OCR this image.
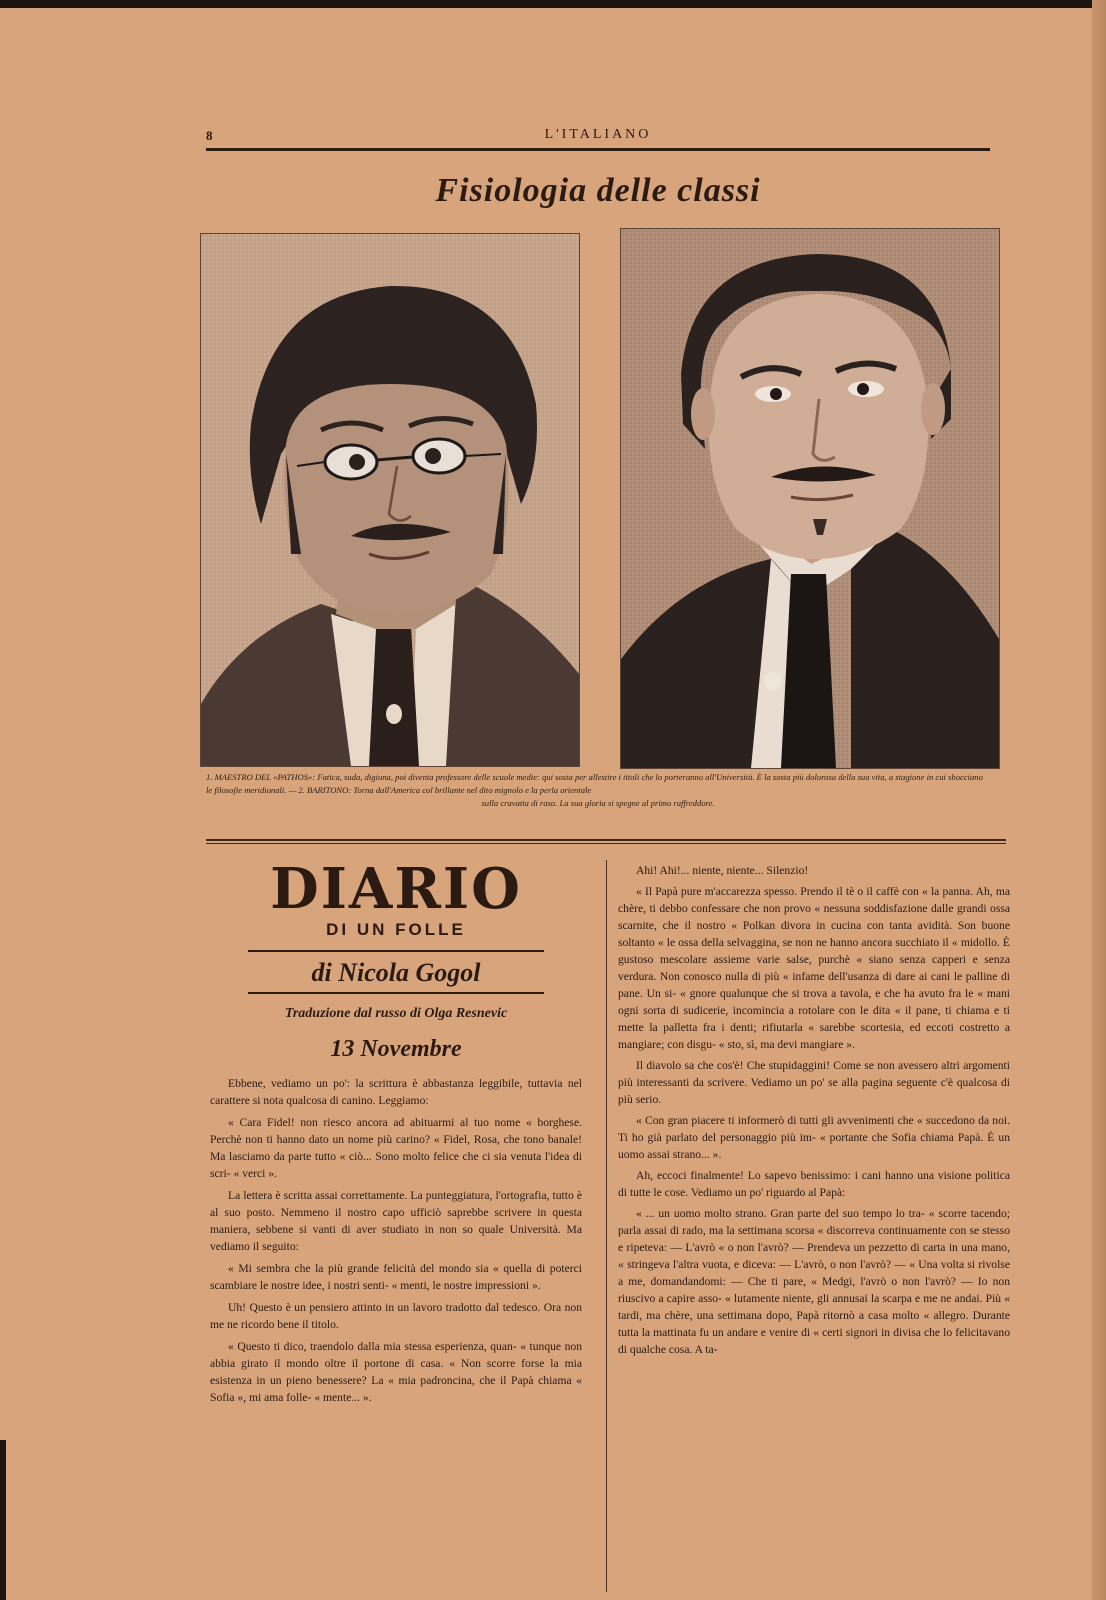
8	L'ITALIANO
Fisiologia delle classi
1. MAESTRO DEL «PATHOS»: Fatica, suda, digiuna, poi diventa professore delle scuole medie: qui sosta per allestire i titoli che lo porteranno all'Università. È la sosta più dolorosa della sua vita, a stagione in cui sbocciano le filosofie meridionali. — 2. BARITONO: Torna dall'America col brillante nel dito mignolo e la perla orientale
sulla cravatta di raso. La sua gloria si spegne al primo raffreddore.
DIARIO
DI UN FOLLE
di Nicola Gogol
Traduzione dal russo di Olga Resnevic
13 Novembre

Ebbene, vediamo un po': la scrittura è abbastanza leggibile, tuttavia nel carattere si nota qualcosa di canino. Leggiamo:

« Cara Fidel! non riesco ancora ad abituarmi al tuo nome « borghese. Perchè non ti hanno dato un nome più carino? « Fidel, Rosa, che tono banale! Ma lasciamo da parte tutto « ciò... Sono molto felice che ci sia venuta l'idea di scri- « verci ».

La lettera è scritta assai correttamente. La punteggiatura, l'ortografia, tutto è al suo posto. Nemmeno il nostro capo ufficiò saprebbe scrivere in questa maniera, sebbene si vanti di aver studiato in non so quale Università. Ma vediamo il seguito:

« Mi sembra che la più grande felicità del mondo sia « quella di poterci scambiare le nostre idee, i nostri senti- « menti, le nostre impressioni ».

Uh! Questo è un pensiero attinto in un lavoro tradotto dal tedesco. Ora non me ne ricordo bene il titolo.

« Questo ti dico, traendolo dalla mia stessa esperienza, quan- « tunque non abbia girato il mondo oltre il portone di casa. « Non scorre forse la mia esistenza in un pieno benessere? La « mia padroncina, che il Papà chiama « Sofia », mi ama folle- « mente... ».

Ahi! Ahi!... niente, niente... Silenzio!

« Il Papà pure m'accarezza spesso. Prendo il tè o il caffè con « la panna. Ah, ma chère, ti debbo confessare che non provo « nessuna soddisfazione dalle grandi ossa scarnite, che il nostro « Polkan divora in cucina con tanta avidità. Son buone soltanto « le ossa della selvaggina, se non ne hanno ancora succhiato il « midollo. È gustoso mescolare assieme varie salse, purchè « siano senza capperi e senza verdura. Non conosco nulla di più « infame dell'usanza di dare ai cani le palline di pane. Un si- « gnore qualunque che si trova a tavola, e che ha avuto fra le « mani ogni sorta di sudicerie, incomincia a rotolare con le dita « il pane, ti chiama e ti mette la palletta fra i denti; rifiutarla « sarebbe scortesia, ed eccoti costretto a mangiare; con disgu- « sto, sì, ma devi mangiare ».

Il diavolo sa che cos'è! Che stupidaggini! Come se non avessero altri argomenti più interessanti da scrivere. Vediamo un po' se alla pagina seguente c'è qualcosa di più serio.

« Con gran piacere ti informerò di tutti gli avvenimenti che « succedono da noi. Ti ho già parlato del personaggio più im- « portante che Sofia chiama Papà. È un uomo assai strano... ».

Ah, eccoci finalmente! Lo sapevo benissimo: i cani hanno una visione politica di tutte le cose. Vediamo un po' riguardo al Papà:

« ... un uomo molto strano. Gran parte del suo tempo lo tra- « scorre tacendo; parla assai di rado, ma la settimana scorsa « discorreva continuamente con se stesso e ripeteva: — L'avrò « o non l'avrò? — Prendeva un pezzetto di carta in una mano, « stringeva l'altra vuota, e diceva: — L'avrò, o non l'avrò? — « Una volta si rivolse a me, domandandomi: — Che ti pare, « Medgi, l'avrò o non l'avrò? — Io non riuscivo a capire asso- « lutamente niente, gli annusai la scarpa e me ne andai. Più « tardi, ma chère, una settimana dopo, Papà ritornò a casa molto « allegro. Durante tutta la mattinata fu un andare e venire di « certi signori in divisa che lo felicitavano di qualche cosa. A ta-
